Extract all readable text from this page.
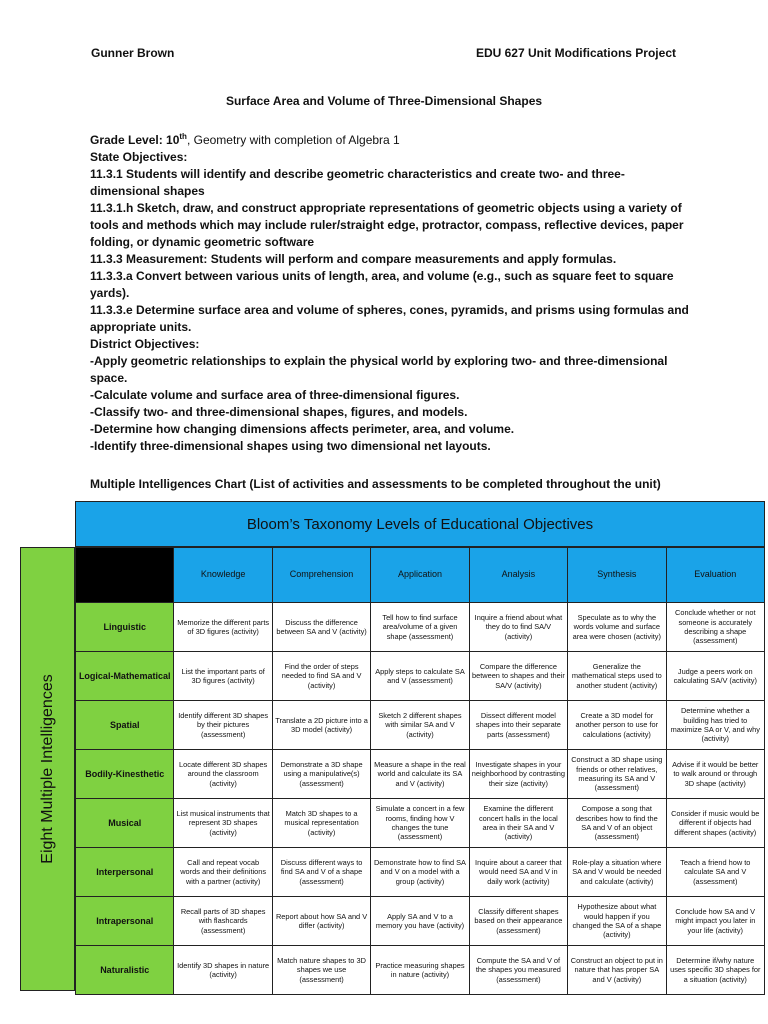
Gunner Brown	EDU 627 Unit Modifications Project
Surface Area and Volume of Three-Dimensional Shapes

Grade Level: 10th, Geometry with completion of Algebra 1

State Objectives:

11.3.1 Students will identify and describe geometric characteristics and create two- and three-dimensional shapes

11.3.1.h Sketch, draw, and construct appropriate representations of geometric objects using a variety of tools and methods which may include ruler/straight edge, protractor, compass, reflective devices, paper folding, or dynamic geometric software

11.3.3 Measurement: Students will perform and compare measurements and apply formulas.

11.3.3.a Convert between various units of length, area, and volume (e.g., such as square feet to square yards).

11.3.3.e Determine surface area and volume of spheres, cones, pyramids, and prisms using formulas and appropriate units.

District Objectives:

-Apply geometric relationships to explain the physical world by exploring two- and three-dimensional space.

-Calculate volume and surface area of three-dimensional figures.

-Classify two- and three-dimensional shapes, figures, and models.

-Determine how changing dimensions affects perimeter, area, and volume.

-Identify three-dimensional shapes using two dimensional net layouts.

Multiple Intelligences Chart (List of activities and assessments to be completed throughout the unit)
Bloom’s Taxonomy Levels of Educational Objectives
Eight Multiple Intelligences
	Knowledge	Comprehension	Application	Analysis	Synthesis	Evaluation
Linguistic	Memorize the different parts of 3D figures (activity)	Discuss the difference between SA and V (activity)	Tell how to find surface area/volume of a given shape (assessment)	Inquire a friend about what they do to find SA/V (activity)	Speculate as to why the words volume and surface area were chosen (activity)	Conclude whether or not someone is accurately describing a shape (assessment)
Logical-Mathematical	List the important parts of 3D figures (activity)	Find the order of steps needed to find SA and V (activity)	Apply steps to calculate SA and V (assessment)	Compare the difference between to shapes and their SA/V (activity)	Generalize the mathematical steps used to another student (activity)	Judge a peers work on calculating SA/V (activity)
Spatial	Identify different 3D shapes by their pictures (assessment)	Translate a 2D picture into a 3D model (activity)	Sketch 2 different shapes with similar SA and V (activity)	Dissect different model shapes into their separate parts (assessment)	Create a 3D model for another person to use for calculations (activity)	Determine whether a building has tried to maximize SA or V, and why (activity)
Bodily-Kinesthetic	Locate different 3D shapes around the classroom (activity)	Demonstrate a 3D shape using a manipulative(s) (assessment)	Measure a shape in the real world and calculate its SA and V (activity)	Investigate shapes in your neighborhood by contrasting their size (activity)	Construct a 3D shape using friends or other relatives, measuring its SA and V (assessment)	Advise if it would be better to walk around or through 3D shape (activity)
Musical	List musical instruments that represent 3D shapes (activity)	Match 3D shapes to a musical representation (activity)	Simulate a concert in a few rooms, finding how V changes the tune (assessment)	Examine the different concert halls in the local area in their SA and V (activity)	Compose a song that describes how to find the SA and V of an object (assessment)	Consider if music would be different if objects had different shapes (activity)
Interpersonal	Call and repeat vocab words and their definitions with a partner (activity)	Discuss different ways to find SA and V of a shape (assessment)	Demonstrate how to find SA and V on a model with a group (activity)	Inquire about a career that would need SA and V in daily work (activity)	Role-play a situation where SA and V would be needed and calculate (activity)	Teach a friend how to calculate SA and V (assessment)
Intrapersonal	Recall parts of 3D shapes with flashcards (assessment)	Report about how SA and V differ (activity)	Apply SA and V to a memory you have (activity)	Classify different shapes based on their appearance (assessment)	Hypothesize about what would happen if you changed the SA of a shape (activity)	Conclude how SA and V might impact you later in your life (activity)
Naturalistic	Identify 3D shapes in nature (activity)	Match nature shapes to 3D shapes we use (assessment)	Practice measuring shapes in nature (activity)	Compute the SA and V of the shapes you measured (assessment)	Construct an object to put in nature that has proper SA and V (activity)	Determine if/why nature uses specific 3D shapes for a situation (activity)
